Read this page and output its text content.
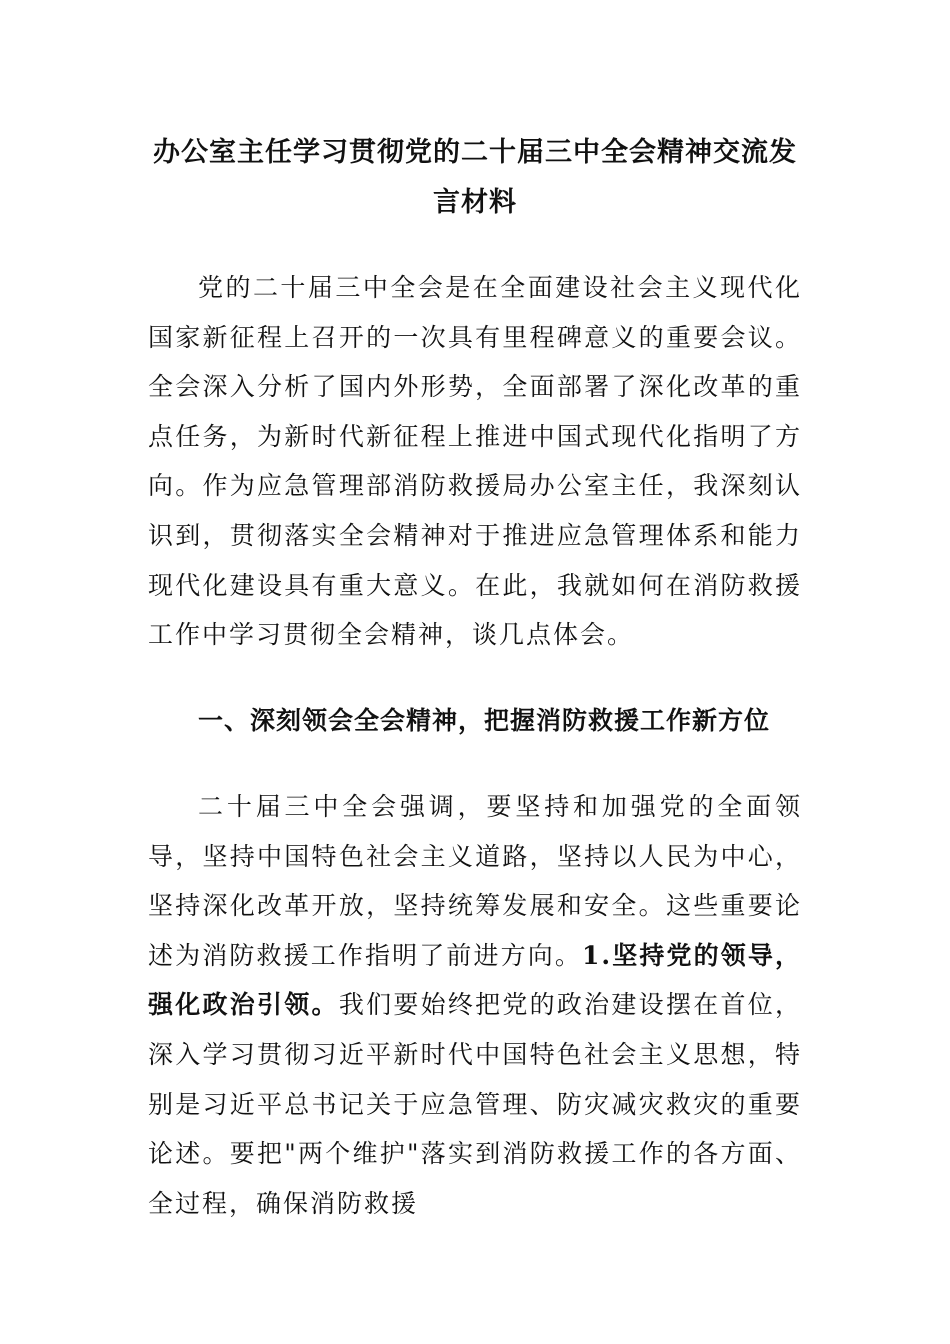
办公室主任学习贯彻党的二十届三中全会精神交流发言材料

党的二十届三中全会是在全面建设社会主义现代化国家新征程上召开的一次具有里程碑意义的重要会议。全会深入分析了国内外形势，全面部署了深化改革的重点任务，为新时代新征程上推进中国式现代化指明了方向。作为应急管理部消防救援局办公室主任，我深刻认识到，贯彻落实全会精神对于推进应急管理体系和能力现代化建设具有重大意义。在此，我就如何在消防救援工作中学习贯彻全会精神，谈几点体会。

一、深刻领会全会精神，把握消防救援工作新方位

二十届三中全会强调，要坚持和加强党的全面领导，坚持中国特色社会主义道路，坚持以人民为中心，坚持深化改革开放，坚持统筹发展和安全。这些重要论述为消防救援工作指明了前进方向。1.坚持党的领导，强化政治引领。我们要始终把党的政治建设摆在首位，深入学习贯彻习近平新时代中国特色社会主义思想，特别是习近平总书记关于应急管理、防灾减灾救灾的重要论述。要把"两个维护"落实到消防救援工作的各方面、全过程，确保消防救援
